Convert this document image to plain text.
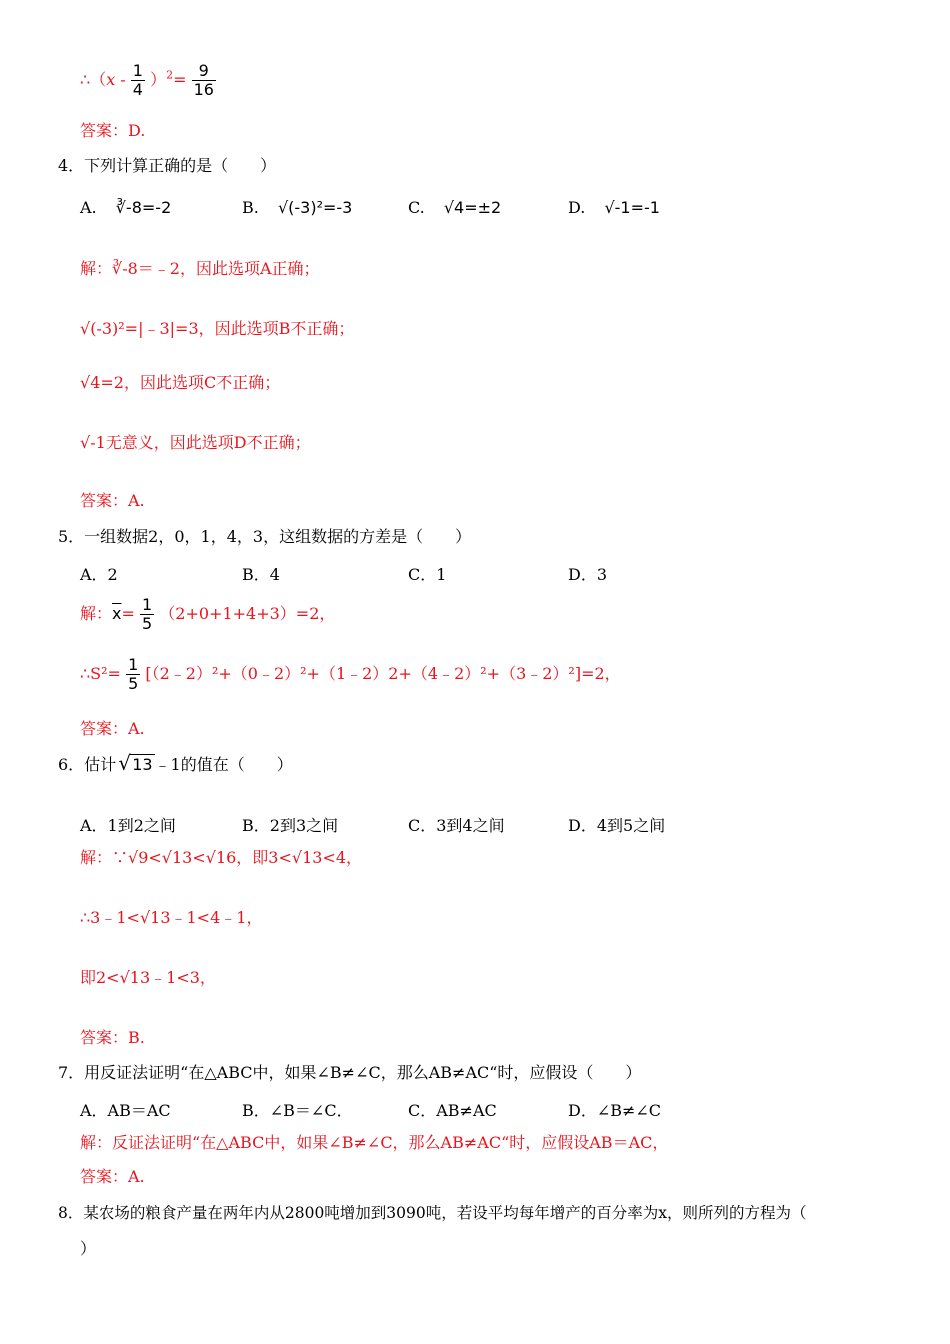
∴（x - $\frac{1}{4} )^2= \frac{9}{16}$
答案：D.
4．下列计算正确的是（　　）
A. ∛-8=-2	B. √(-3)²=-3	C. √4=±2	D. √-1=-1
解：∛-8＝﹣2，因此选项A正确；
√(-3)²=|﹣3|=3，因此选项B不正确；
√4=2，因此选项C不正确；
√-1无意义，因此选项D不正确；
答案：A.
5．一组数据2，0，1，4，3，这组数据的方差是（　　）
A．2	B．4	C．1	D．3
解：$\overline{x}= \frac{1}{5} (2+0+1+4+3)=2$，
∴S²= $\frac{1}{5}$ [（2﹣2）²+（0﹣2）²+（1﹣2）2+（4﹣2）²+（3﹣2）²]=2，
答案：A.
6．估计 √ 13 ﹣1的值在（　　）
A．1到2之间	B．2到3之间	C．3到4之间	D．4到5之间
解：∵√9<√13<√16，即3<√13<4，
∴3﹣1<√13﹣1<4﹣1，
即2<√13﹣1<3，
答案：B.
7．用反证法证明“在△ABC中，如果∠B≠∠C，那么AB≠AC“时，应假设（　　）
A．AB＝AC	B．∠B＝∠C．	C．AB≠AC	D．∠B≠∠C
解：反证法证明“在△ABC中，如果∠B≠∠C，那么AB≠AC“时，应假设AB＝AC，
答案：A.
8．某农场的粮食产量在两年内从2800吨增加到3090吨，若设平均每年增产的百分率为x，则所列的方程为（
）
